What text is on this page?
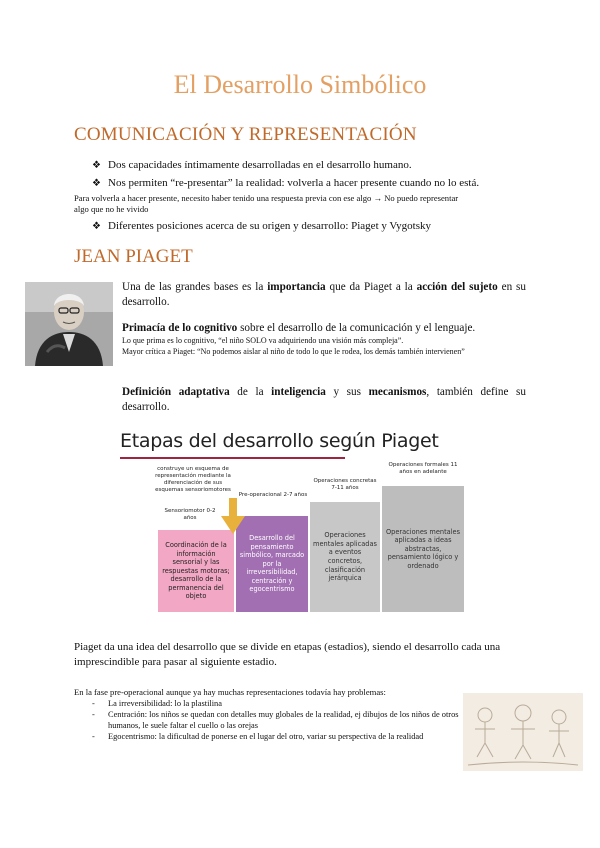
El Desarrollo Simbólico
COMUNICACIÓN Y REPRESENTACIÓN
❖ Dos capacidades íntimamente desarrolladas en el desarrollo humano.
❖ Nos permiten “re-presentar” la realidad: volverla a hacer presente cuando no lo está.
Para volverla a hacer presente, necesito haber tenido una respuesta previa con ese algo → No puedo representar
algo que no he vivido
❖ Diferentes posiciones acerca de su origen y desarrollo: Piaget y Vygotsky
JEAN PIAGET
Una de las grandes bases es la importancia que da Piaget a la acción del sujeto en su desarrollo.
Primacía de lo cognitivo sobre el desarrollo de la comunicación y el lenguaje.
Lo que prima es lo cognitivo, “el niño SOLO va adquiriendo una visión más compleja”.
Mayor crítica a Piaget: “No podemos aislar al niño de todo lo que le rodea, los demás también intervienen”
Definición adaptativa de la inteligencia y sus mecanismos, también define su desarrollo.
Etapas del desarrollo según Piaget
construye un esquema de representación mediante la diferenciación de sus esquemas sensoriomotores
Sensoriomotor 0-2 años
Pre-operacional 2-7 años
Operaciones concretas 7-11 años
Operaciones formales 11 años en adelante
Coordinación de la información sensorial y las respuestas motoras; desarrollo de la permanencia del objeto
Desarrollo del pensamiento simbólico, marcado por la irreversibilidad, centración y egocentrismo
Operaciones mentales aplicadas a eventos concretos, clasificación jerárquica
Operaciones mentales aplicadas a ideas abstractas, pensamiento lógico y ordenado
Piaget da una idea del desarrollo que se divide en etapas (estadios), siendo el desarrollo cada una imprescindible para pasar al siguiente estadio.
En la fase pre-operacional aunque ya hay muchas representaciones todavía hay problemas:
- La irreversibilidad: lo la plastilina
- Centración: los niños se quedan con detalles muy globales de la realidad, ej dibujos de los niños de otros humanos, le suele faltar el cuello o las orejas
- Egocentrismo: la dificultad de ponerse en el lugar del otro, variar su perspectiva de la realidad
